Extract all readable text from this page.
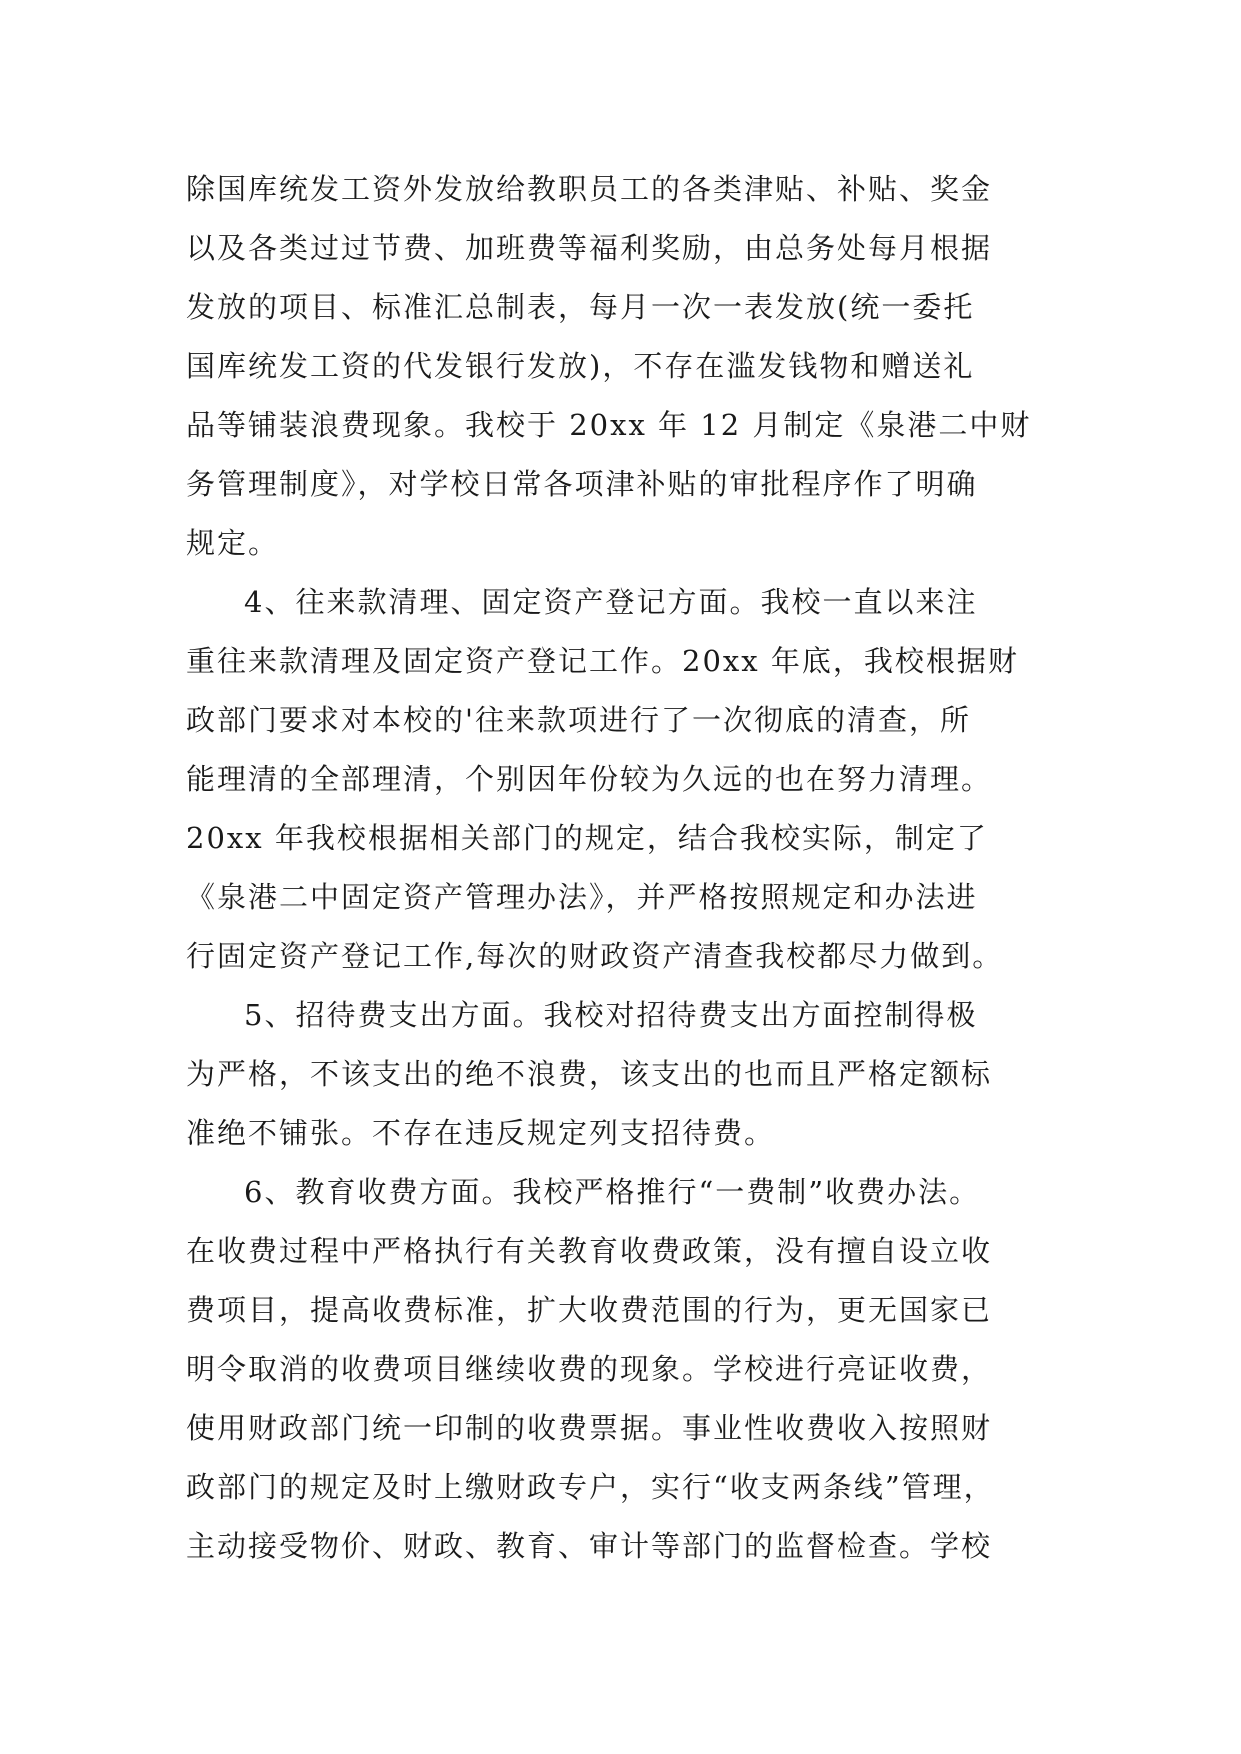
除国库统发工资外发放给教职员工的各类津贴、补贴、奖金
以及各类过过节费、加班费等福利奖励，由总务处每月根据
发放的项目、标准汇总制表，每月一次一表发放(统一委托
国库统发工资的代发银行发放)，不存在滥发钱物和赠送礼
品等铺装浪费现象。我校于 20xx 年 12 月制定《泉港二中财
务管理制度》，对学校日常各项津补贴的审批程序作了明确
规定。
4、往来款清理、固定资产登记方面。我校一直以来注
重往来款清理及固定资产登记工作。20xx 年底，我校根据财
政部门要求对本校的'往来款项进行了一次彻底的清查，所
能理清的全部理清，个别因年份较为久远的也在努力清理。
20xx 年我校根据相关部门的规定，结合我校实际，制定了
《泉港二中固定资产管理办法》，并严格按照规定和办法进
行固定资产登记工作,每次的财政资产清查我校都尽力做到。
5、招待费支出方面。我校对招待费支出方面控制得极
为严格，不该支出的绝不浪费，该支出的也而且严格定额标
准绝不铺张。不存在违反规定列支招待费。
6、教育收费方面。我校严格推行“一费制”收费办法。
在收费过程中严格执行有关教育收费政策，没有擅自设立收
费项目，提高收费标准，扩大收费范围的行为，更无国家已
明令取消的收费项目继续收费的现象。学校进行亮证收费，
使用财政部门统一印制的收费票据。事业性收费收入按照财
政部门的规定及时上缴财政专户，实行“收支两条线”管理，
主动接受物价、财政、教育、审计等部门的监督检查。学校
